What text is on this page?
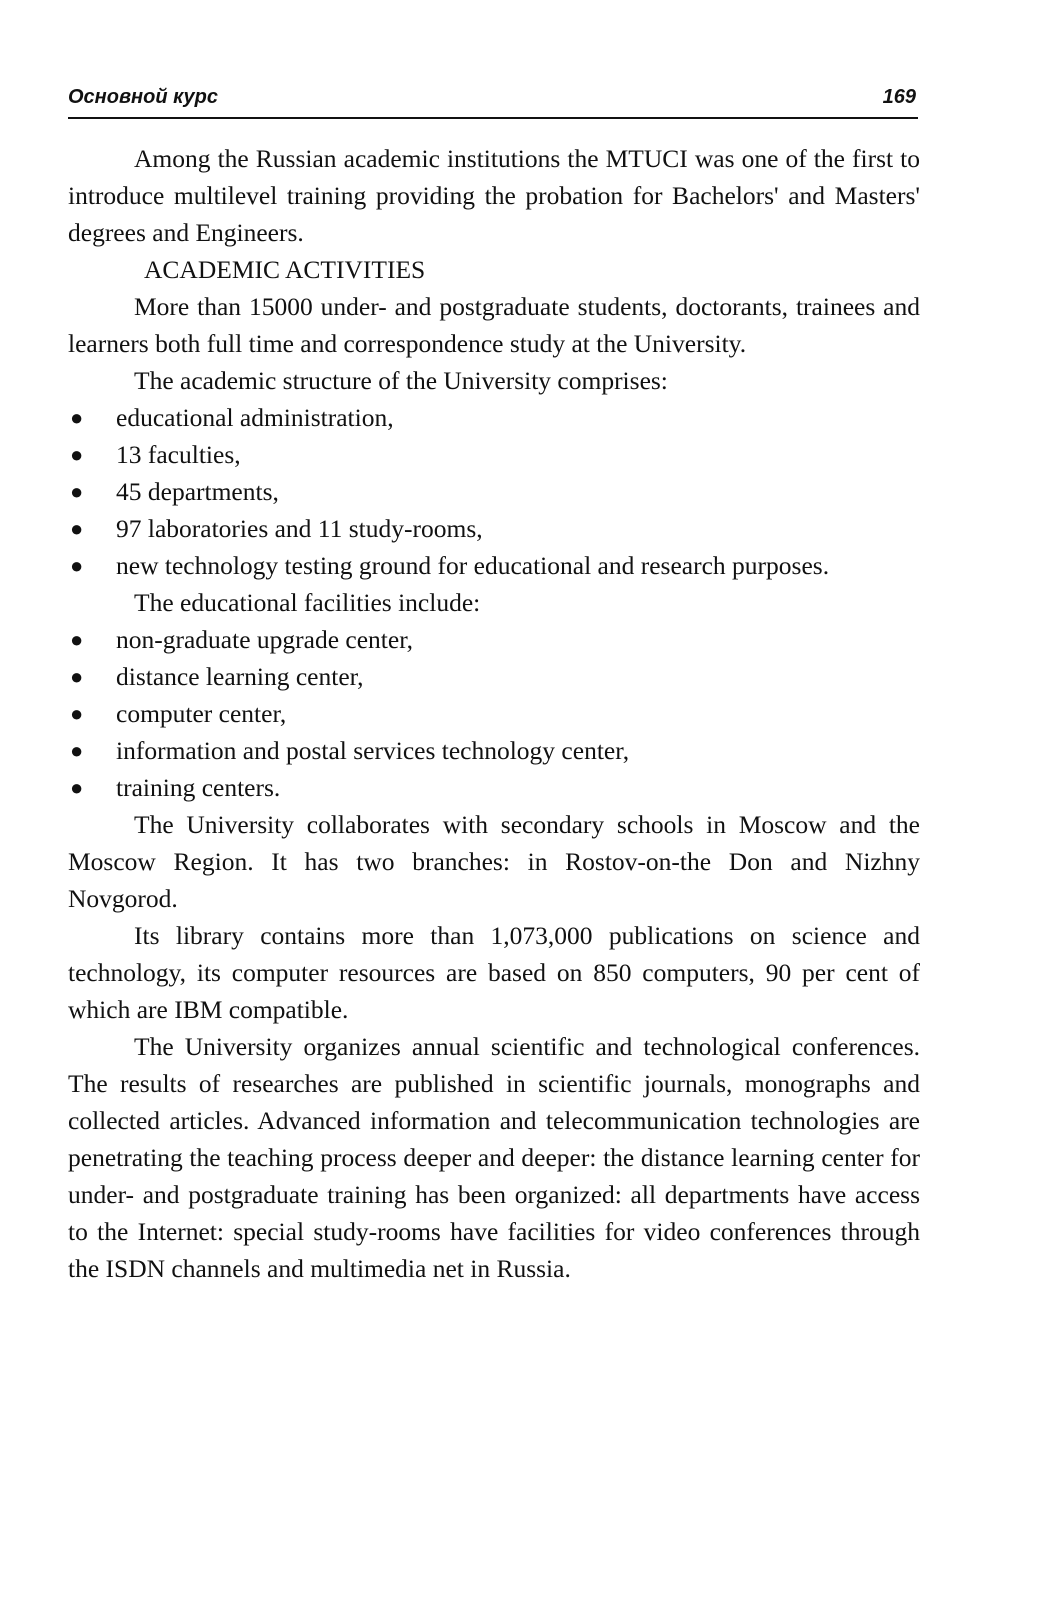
Основной курс	169

Among the Russian academic institutions the MTUCI was one of the first to introduce multilevel training providing the probation for Bachelors' and Masters' degrees and Engineers.

ACADEMIC ACTIVITIES

More than 15000 under- and postgraduate students, doctorants, trainees and learners both full time and correspondence study at the University.

The academic structure of the University comprises:

● educational administration,
● 13 faculties,
● 45 departments,
● 97 laboratories and 11 study-rooms,
● new technology testing ground for educational and research purposes.

The educational facilities include:

● non-graduate upgrade center,
● distance learning center,
● computer center,
● information and postal services technology center,
● training centers.

The University collaborates with secondary schools in Moscow and the Moscow Region. It has two branches: in Rostov-on-the Don and Nizhny Novgorod.

Its library contains more than 1,073,000 publications on science and technology, its computer resources are based on 850 computers, 90 per cent of which are IBM compatible.

The University organizes annual scientific and technological conferences. The results of researches are published in scientific journals, monographs and collected articles. Advanced information and telecommunication technologies are penetrating the teaching process deeper and deeper: the distance learning center for under- and postgraduate training has been organized: all departments have access to the Internet: special study-rooms have facilities for video conferences through the ISDN channels and multimedia net in Russia.
